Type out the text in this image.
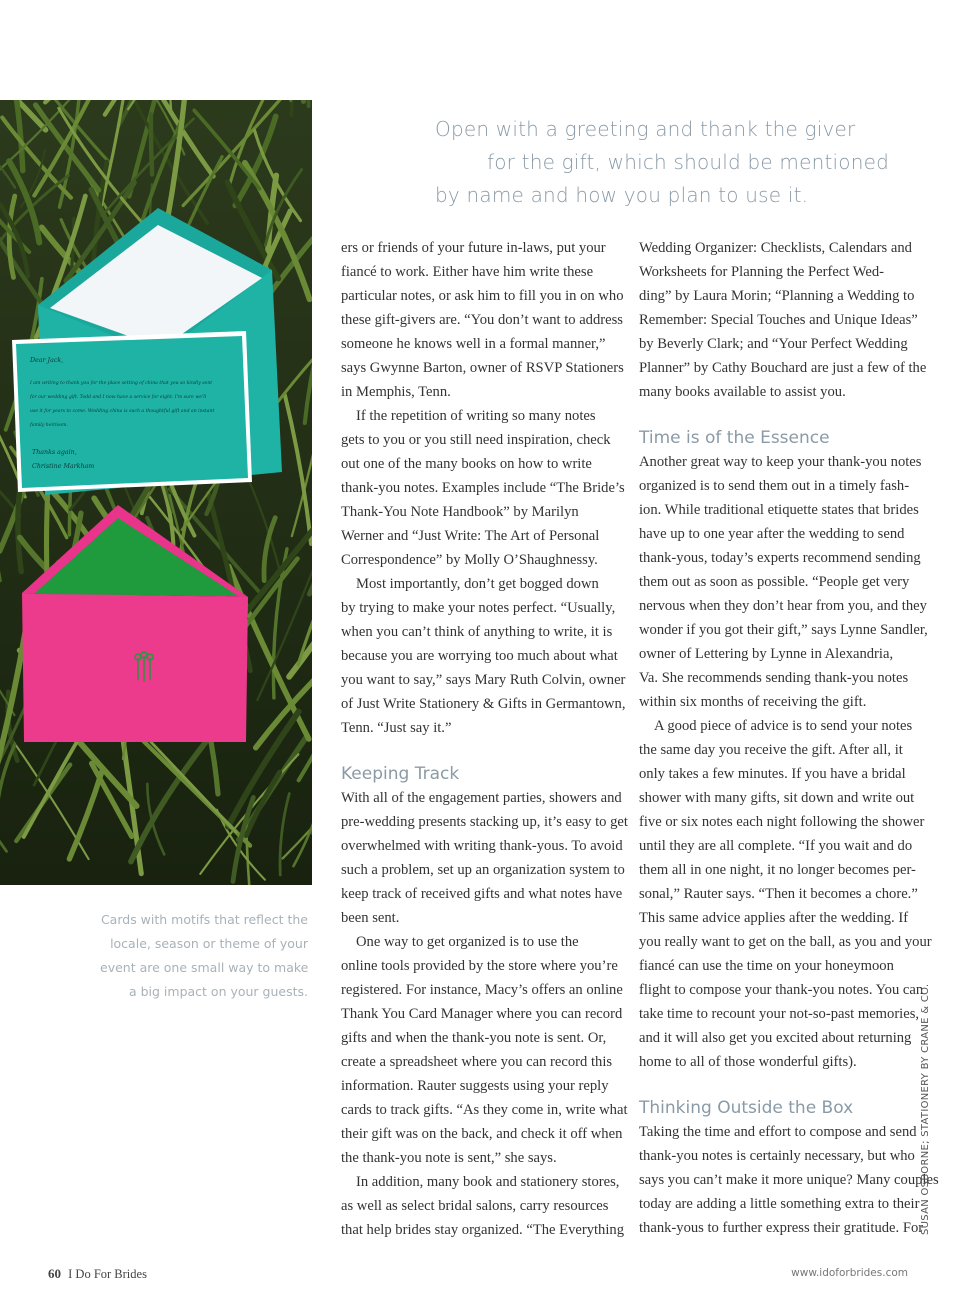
Dear Jack,
I am writing to thank you for the place setting of china that you so kindly sent
for our wedding gift. Todd and I now have a service for eight. I'm sure we'll
use it for years to come. Wedding china is such a thoughtful gift and an instant
family heirloom.
Thanks again,
Christine Markham
Open with a greeting and thank the giver
for the gift, which should be mentioned
by name and how you plan to use it.
Cards with motifs that reflect the
locale, season or theme of your
event are one small way to make
a big impact on your guests.
ers or friends of your future in-laws, put your
fiancé to work. Either have him write these
particular notes, or ask him to fill you in on who
these gift-givers are. “You don’t want to address
someone he knows well in a formal manner,”
says Gwynne Barton, owner of RSVP Stationers
in Memphis, Tenn.
If the repetition of writing so many notes
gets to you or you still need inspiration, check
out one of the many books on how to write
thank-you notes. Examples include “The Bride’s
Thank-You Note Handbook” by Marilyn
Werner and “Just Write: The Art of Personal
Correspondence” by Molly O’Shaughnessy.
Most importantly, don’t get bogged down
by trying to make your notes perfect. “Usually,
when you can’t think of anything to write, it is
because you are worrying too much about what
you want to say,” says Mary Ruth Colvin, owner
of Just Write Stationery & Gifts in Germantown,
Tenn. “Just say it.”
Keeping Track
With all of the engagement parties, showers and
pre-wedding presents stacking up, it’s easy to get
overwhelmed with writing thank-yous. To avoid
such a problem, set up an organization system to
keep track of received gifts and what notes have
been sent.
One way to get organized is to use the
online tools provided by the store where you’re
registered. For instance, Macy’s offers an online
Thank You Card Manager where you can record
gifts and when the thank-you note is sent. Or,
create a spreadsheet where you can record this
information. Rauter suggests using your reply
cards to track gifts. “As they come in, write what
their gift was on the back, and check it off when
the thank-you note is sent,” she says.
In addition, many book and stationery stores,
as well as select bridal salons, carry resources
that help brides stay organized. “The Everything
Wedding Organizer: Checklists, Calendars and
Worksheets for Planning the Perfect Wed-
ding” by Laura Morin; “Planning a Wedding to
Remember: Special Touches and Unique Ideas”
by Beverly Clark; and “Your Perfect Wedding
Planner” by Cathy Bouchard are just a few of the
many books available to assist you.
Time is of the Essence
Another great way to keep your thank-you notes
organized is to send them out in a timely fash-
ion. While traditional etiquette states that brides
have up to one year after the wedding to send
thank-yous, today’s experts recommend sending
them out as soon as possible. “People get very
nervous when they don’t hear from you, and they
wonder if you got their gift,” says Lynne Sandler,
owner of Lettering by Lynne in Alexandria,
Va. She recommends sending thank-you notes
within six months of receiving the gift.
A good piece of advice is to send your notes
the same day you receive the gift. After all, it
only takes a few minutes. If you have a bridal
shower with many gifts, sit down and write out
five or six notes each night following the shower
until they are all complete. “If you wait and do
them all in one night, it no longer becomes per-
sonal,” Rauter says. “Then it becomes a chore.”
This same advice applies after the wedding. If
you really want to get on the ball, as you and your
fiancé can use the time on your honeymoon
flight to compose your thank-you notes. You can
take time to recount your not-so-past memories,
and it will also get you excited about returning
home to all of those wonderful gifts).
Thinking Outside the Box
Taking the time and effort to compose and send
thank-you notes is certainly necessary, but who
says you can’t make it more unique? Many couples
today are adding a little something extra to their
thank-yous to further express their gratitude. For
SUSAN OSBORNE; STATIONERY BY CRANE & CO.
60 I Do For Brides	www.idoforbrides.com
